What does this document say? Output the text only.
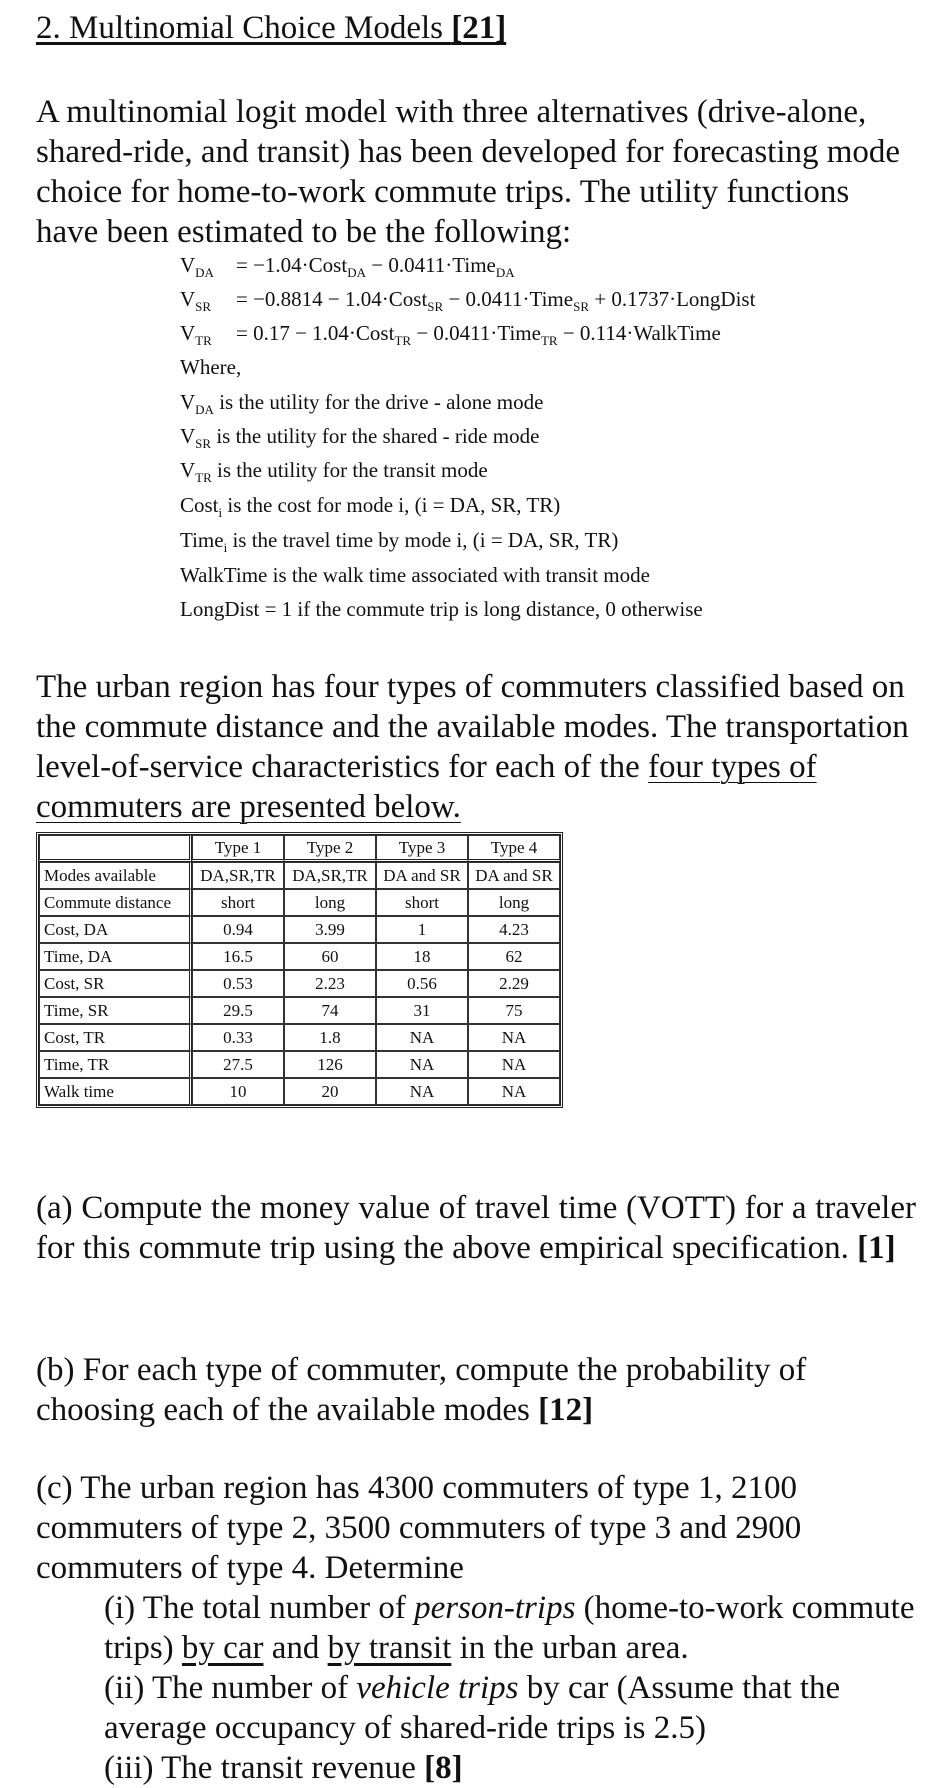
2. Multinomial Choice Models [21]
A multinomial logit model with three alternatives (drive-alone, shared-ride, and transit) has been developed for forecasting mode choice for home-to-work commute trips. The utility functions have been estimated to be the following:
$V_{DA}$ = −1.04·Cost$_{DA}$ − 0.0411·Time$_{DA}$
$V_{SR} = -0.8814$ − 1.04·Cost$_{SR}$ − 0.0411·Time$_{SR}$ + 0.1737·LongDist
$V_{TR} = 0.17$ − 1.04·Cost$_{TR}$ − 0.0411·Time$_{TR}$ − 0.114·WalkTime
Where,
$V_{DA}$ is the utility for the drive - alone mode
$V_{SR}$ is the utility for the shared - ride mode
$V_{TR}$ is the utility for the transit mode
Cost$_i$ is the cost for mode i, (i = DA, SR, TR)
Time$_i$ is the travel time by mode i, (i = DA, SR, TR)
WalkTime is the walk time associated with transit mode
LongDist = 1 if the commute trip is long distance, 0 otherwise
The urban region has four types of commuters classified based on the commute distance and the available modes. The transportation level-of-service characteristics for each of the four types of commuters are presented below.
	Type 1	Type 2	Type 3	Type 4
Modes available	DA,SR,TR	DA,SR,TR	DA and SR	DA and SR
Commute distance	short	long	short	long
Cost, DA	0.94	3.99	1	4.23
Time, DA	16.5	60	18	62
Cost, SR	0.53	2.23	0.56	2.29
Time, SR	29.5	74	31	75
Cost, TR	0.33	1.8	NA	NA
Time, TR	27.5	126	NA	NA
Walk time	10	20	NA	NA
(a) Compute the money value of travel time (VOTT) for a traveler for this commute trip using the above empirical specification. [1]
(b) For each type of commuter, compute the probability of choosing each of the available modes [12]
(c) The urban region has 4300 commuters of type 1, 2100 commuters of type 2, 3500 commuters of type 3 and 2900 commuters of type 4. Determine
(i) The total number of person-trips (home-to-work commute trips) by car and by transit in the urban area.
(ii) The number of vehicle trips by car (Assume that the average occupancy of shared-ride trips is 2.5)
(iii) The transit revenue [8]
